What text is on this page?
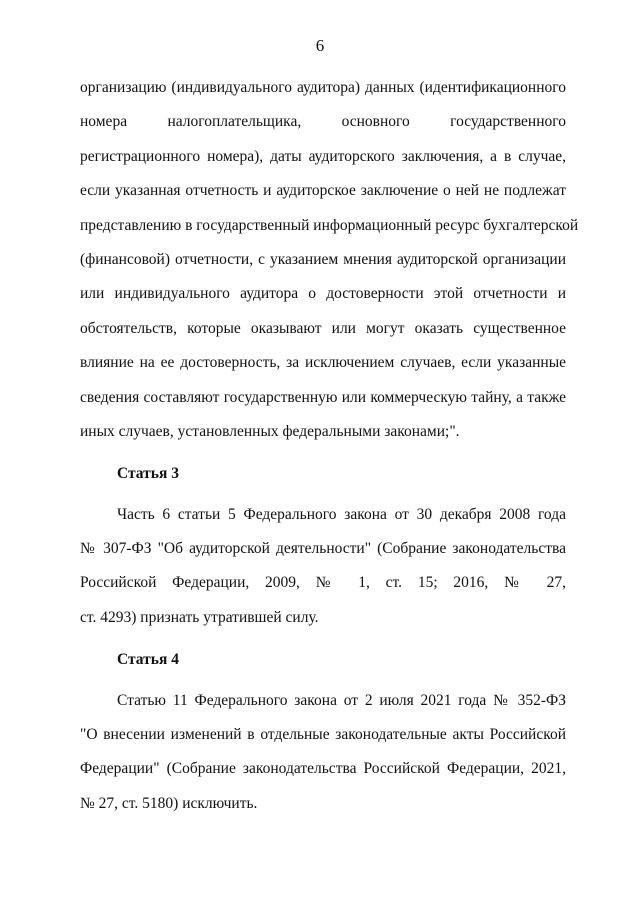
6

организацию (индивидуального аудитора) данных (идентификационного
номера налогоплательщика, основного государственного
регистрационного номера), даты аудиторского заключения, а в случае,
если указанная отчетность и аудиторское заключение о ней не подлежат
представлению в государственный информационный ресурс бухгалтерской
(финансовой) отчетности, с указанием мнения аудиторской организации
или индивидуального аудитора о достоверности этой отчетности и
обстоятельств, которые оказывают или могут оказать существенное
влияние на ее достоверность, за исключением случаев, если указанные
сведения составляют государственную или коммерческую тайну, а также
иных случаев, установленных федеральными законами;".

Статья 3

Часть 6 статьи 5 Федерального закона от 30 декабря 2008 года
№ 307-ФЗ "Об аудиторской деятельности" (Собрание законодательства
Российской Федерации, 2009, № 1, ст. 15; 2016, № 27,
ст. 4293) признать утратившей силу.

Статья 4

Статью 11 Федерального закона от 2 июля 2021 года № 352-ФЗ
"О внесении изменений в отдельные законодательные акты Российской
Федерации" (Собрание законодательства Российской Федерации, 2021,
№ 27, ст. 5180) исключить.
